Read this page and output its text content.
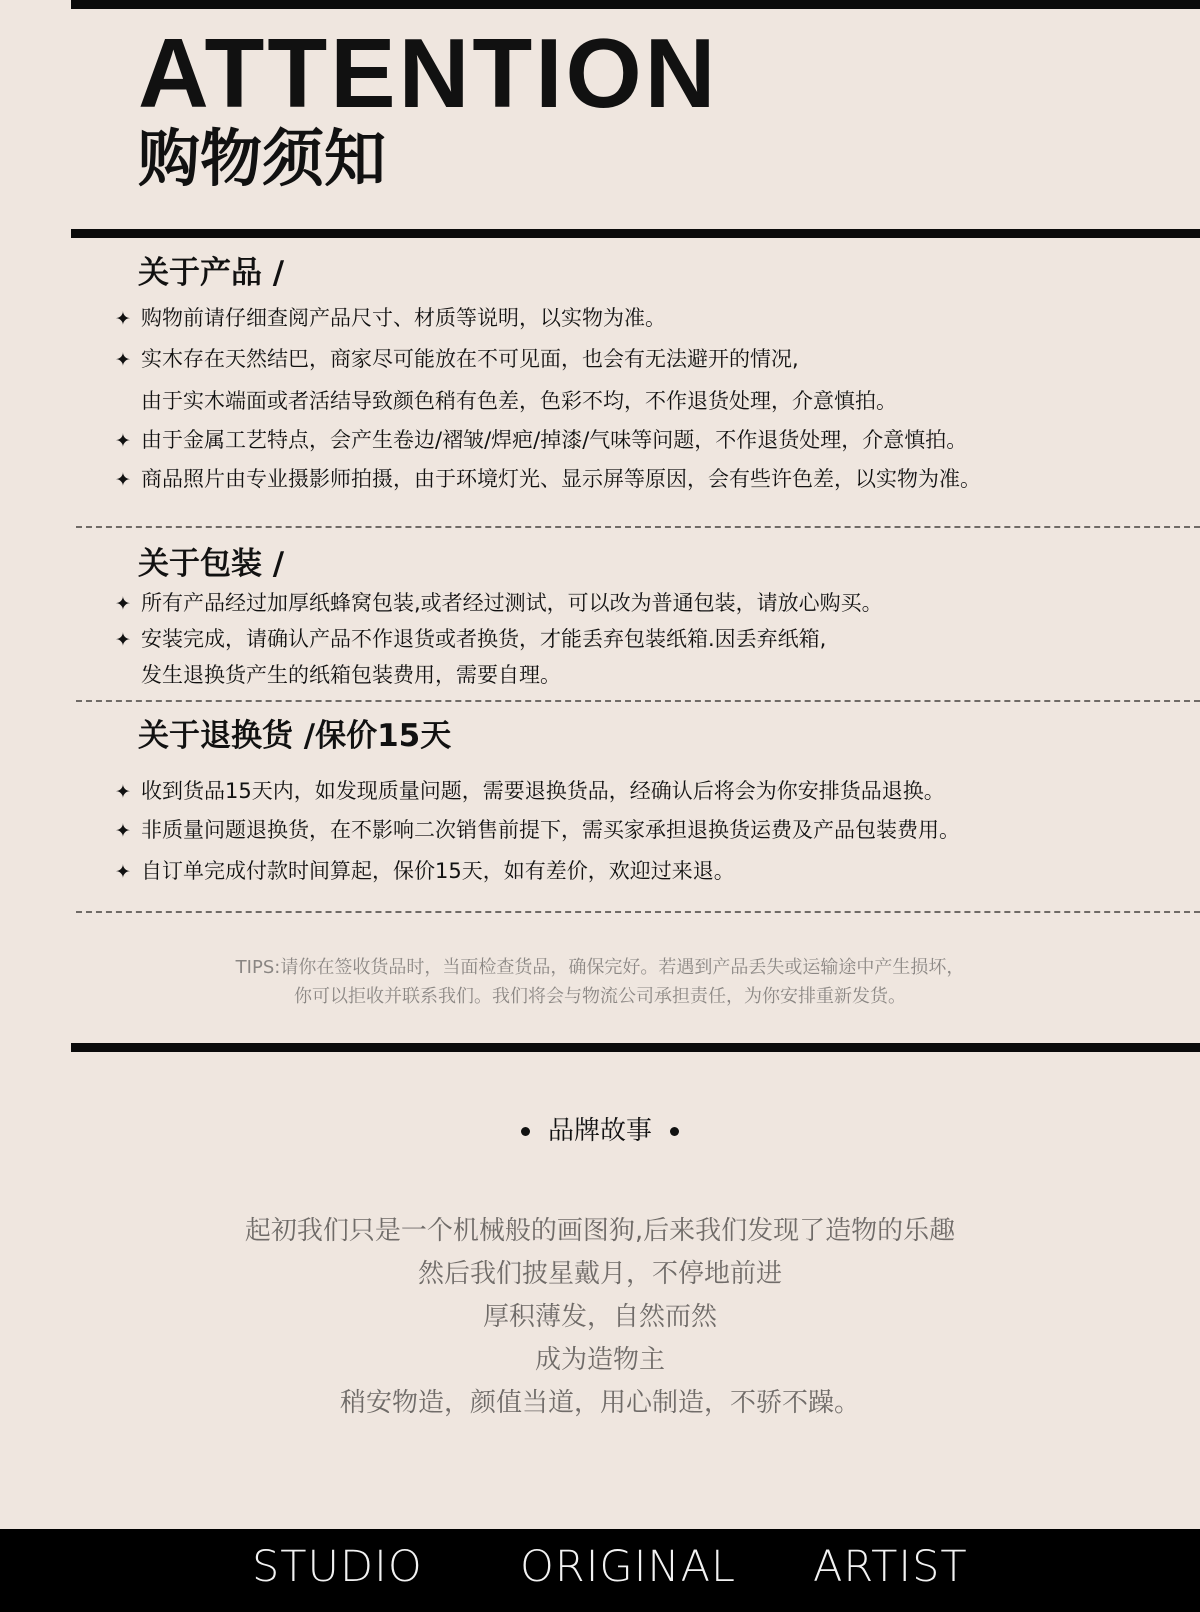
ATTENTION
购物须知
关于产品 /
✦ 购物前请仔细查阅产品尺寸、材质等说明，以实物为准。
✦ 实木存在天然结巴，商家尽可能放在不可见面，也会有无法避开的情况,
由于实木端面或者活结导致颜色稍有色差，色彩不均，不作退货处理，介意慎拍。
✦ 由于金属工艺特点，会产生卷边/褶皱/焊疤/掉漆/气味等问题，不作退货处理，介意慎拍。
✦ 商品照片由专业摄影师拍摄，由于环境灯光、显示屏等原因，会有些许色差，以实物为准。
关于包装 /
✦ 所有产品经过加厚纸蜂窝包装,或者经过测试，可以改为普通包装，请放心购买。
✦ 安装完成，请确认产品不作退货或者换货，才能丢弃包装纸箱.因丢弃纸箱,
发生退换货产生的纸箱包装费用，需要自理。
关于退换货 /保价15天
✦ 收到货品15天内，如发现质量问题，需要退换货品，经确认后将会为你安排货品退换。
✦ 非质量问题退换货，在不影响二次销售前提下，需买家承担退换货运费及产品包装费用。
✦ 自订单完成付款时间算起，保价15天，如有差价，欢迎过来退。
TIPS:请你在签收货品时，当面检查货品，确保完好。若遇到产品丢失或运输途中产生损坏，
你可以拒收并联系我们。我们将会与物流公司承担责任，为你安排重新发货。
品牌故事
起初我们只是一个机械般的画图狗,后来我们发现了造物的乐趣
然后我们披星戴月，不停地前进
厚积薄发，自然而然
成为造物主
稍安物造，颜值当道，用心制造，不骄不躁。
STUDIO ORIGINAL ARTIST
